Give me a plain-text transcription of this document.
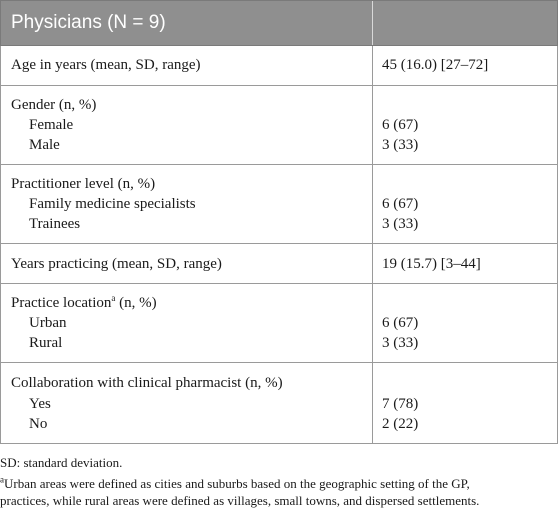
Physicians (N = 9)
Age in years (mean, SD, range)	45 (16.0) [27–72]
Gender (n, %)
Female
Male
6 (67)
3 (33)
Practitioner level (n, %)
Family medicine specialists
Trainees
6 (67)
3 (33)
Years practicing (mean, SD, range)	19 (15.7) [3–44]
Practice location$^a$ (n, %)
Urban
Rural
6 (67)
3 (33)
Collaboration with clinical pharmacist (n, %)
Yes
No
7 (78)
2 (22)
SD: standard deviation.
$^a$Urban areas were defined as cities and suburbs based on the geographic setting of the GP,
practices, while rural areas were defined as villages, small towns, and dispersed settlements.
